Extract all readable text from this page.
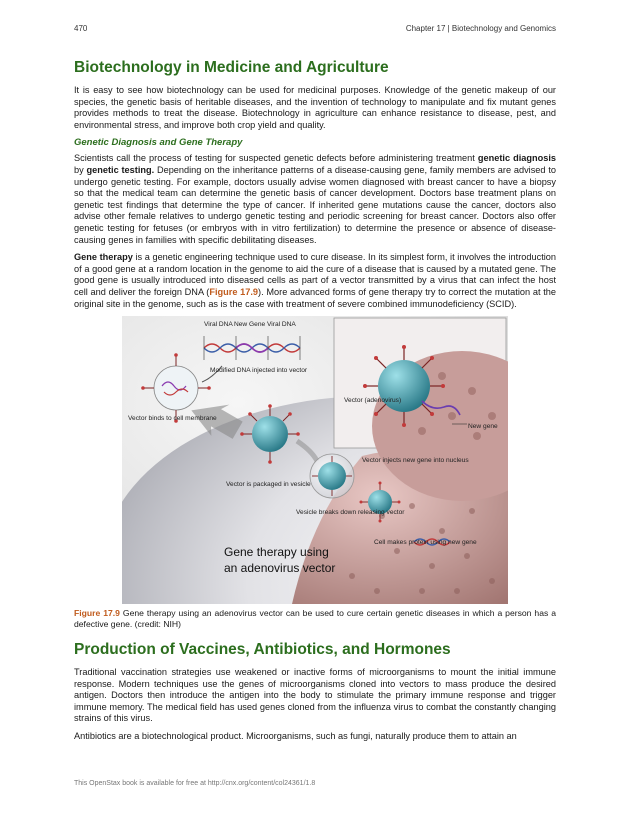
470	Chapter 17 | Biotechnology and Genomics
Biotechnology in Medicine and Agriculture

It is easy to see how biotechnology can be used for medicinal purposes. Knowledge of the genetic makeup of our species, the genetic basis of heritable diseases, and the invention of technology to manipulate and fix mutant genes provides methods to treat the disease. Biotechnology in agriculture can enhance resistance to disease, pest, and environmental stress, and improve both crop yield and quality.

Genetic Diagnosis and Gene Therapy

Scientists call the process of testing for suspected genetic defects before administering treatment genetic diagnosis by genetic testing. Depending on the inheritance patterns of a disease-causing gene, family members are advised to undergo genetic testing. For example, doctors usually advise women diagnosed with breast cancer to have a biopsy so that the medical team can determine the genetic basis of cancer development. Doctors base treatment plans on genetic test findings that determine the type of cancer. If inherited gene mutations cause the cancer, doctors also advise other female relatives to undergo genetic testing and periodic screening for breast cancer. Doctors also offer genetic testing for fetuses (or embryos with in vitro fertilization) to determine the presence or absence of disease-causing genes in families with specific debilitating diseases.

Gene therapy is a genetic engineering technique used to cure disease. In its simplest form, it involves the introduction of a good gene at a random location in the genome to aid the cure of a disease that is caused by a mutated gene. The good gene is usually introduced into diseased cells as part of a vector transmitted by a virus that can infect the host cell and deliver the foreign DNA (Figure 17.9). More advanced forms of gene therapy try to correct the mutation at the original site in the genome, such as is the case with treatment of severe combined immunodeficiency (SCID).

Viral DNA New Gene Viral DNA
Modified DNA injected into vector
Vector binds to cell membrane
Vector (adenovirus)
New gene
Vector is packaged in vesicle
Vector injects new gene into nucleus
Vesicle breaks down releasing vector
Cell makes protein using new gene
Gene therapy using
an adenovirus vector

Figure 17.9 Gene therapy using an adenovirus vector can be used to cure certain genetic diseases in which a person has a defective gene. (credit: NIH)

Production of Vaccines, Antibiotics, and Hormones

Traditional vaccination strategies use weakened or inactive forms of microorganisms to mount the initial immune response. Modern techniques use the genes of microorganisms cloned into vectors to mass produce the desired antigen. Doctors then introduce the antigen into the body to stimulate the primary immune response and trigger immune memory. The medical field has used genes cloned from the influenza virus to combat the constantly changing strains of this virus.

Antibiotics are a biotechnological product. Microorganisms, such as fungi, naturally produce them to attain an

This OpenStax book is available for free at http://cnx.org/content/col24361/1.8
